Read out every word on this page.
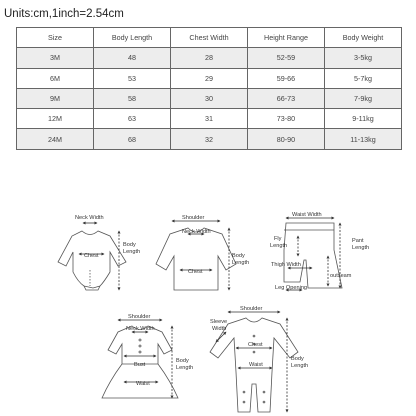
Units:cm,1inch=2.54cm
Size	Body Length	Chest Width	Height Range	Body Weight
3M	48	28	52-59	3-5kg
6M	53	29	59-66	5-7kg
9M	58	30	66-73	7-9kg
12M	63	31	73-80	9-11kg
24M	68	32	80-90	11-13kg
Neck Width
Chest
Body
Length
Shoulder
Neck Width
Chest
Body
Length
Waist Width
Fly
Length
Thigh Width
Leg Opening
Pant
Length
outseam
Shoulder
Neck Width
Bust
Waist
Body
Length
Shoulder
Sleeve
Width
Chest
Waist
Body
Length
